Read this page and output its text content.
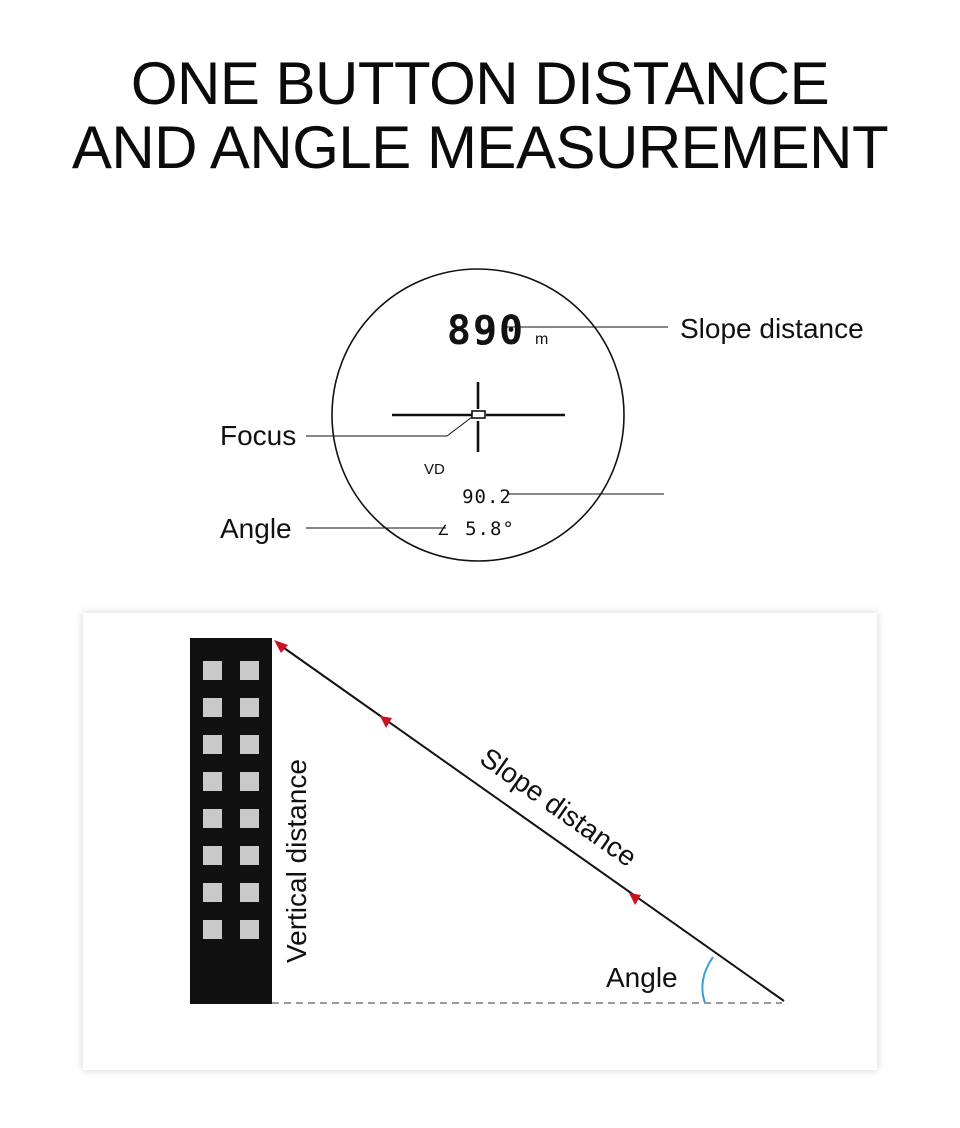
ONE BUTTON DISTANCE
AND ANGLE MEASUREMENT
890 m
VD
90.2
∠ 5.8°
Slope distance
Focus
Angle
Vertical distance	Slope distance
Angle
